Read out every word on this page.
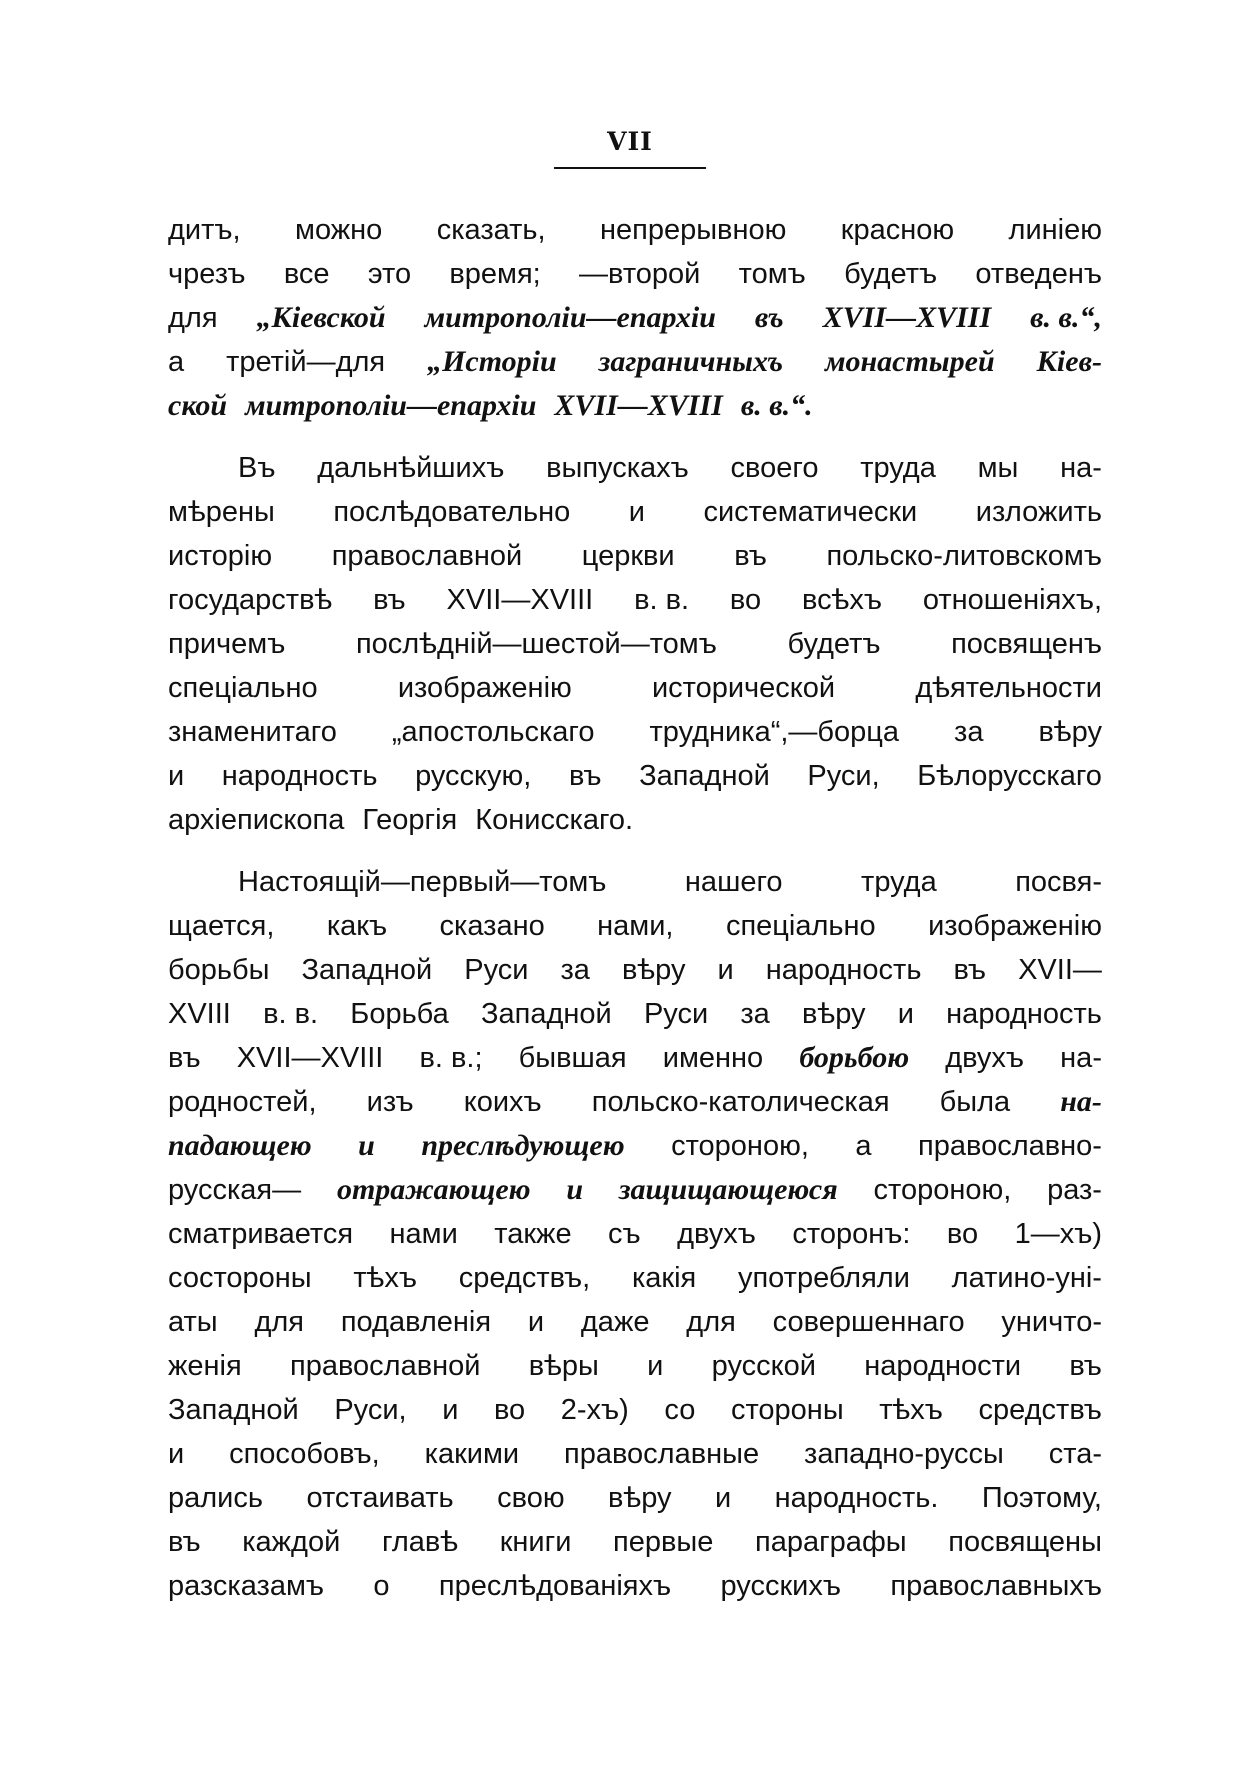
VII
дитъ, можно сказать, непрерывною красною линiею
чрезъ все это время; —второй томъ будетъ отведенъ
для „Кiевской митрополiи—епархiи въ XVII—XVIII в. в.“,
а третiй—для „Исторiи заграничныхъ монастырей Кiев-
ской митрополiи—епархiи XVII—XVIII в. в.“.
Въ дальнѣйшихъ выпускахъ своего труда мы на-
мѣрены послѣдовательно и систематически изложить
исторiю православной церкви въ польско-литовскомъ
государствѣ въ XVII—XVIII в. в. во всѣхъ отношенiяхъ,
причемъ послѣднiй—шестой—томъ будетъ посвященъ
спецiально	изображенiю	исторической	дѣятельности
знаменитаго „апостольскаго трудника“,—борца за вѣру
и народность русскую, въ Западной Руси, Бѣлорусскаго
архiепископа Георгiя Конисскаго.
Настоящiй—первый—томъ	нашего	труда	посвя-
щается, какъ сказано нами, спецiально изображенiю
борьбы Западной Руси за вѣру и народность въ XVII—
XVIII в. в. Борьба Западной Руси за вѣру и народность
въ XVII—XVIII в. в.; бывшая именно борьбою двухъ на-
родностей, изъ коихъ польско-католическая была на-
падающею и преслѣдующею стороною, а православно-
русская— отражающею и защищающеюся стороною, раз-
сматривается нами также съ двухъ сторонъ: во 1—хъ)
состороны тѣхъ средствъ, какiя употребляли латино-унi-
аты для подавленiя и даже для совершеннаго уничто-
женiя православной вѣры и русской народности въ
Западной Руси, и во 2-хъ) со стороны тѣхъ средствъ
и способовъ, какими православные западно-руссы ста-
рались отстаивать свою вѣру и народность. Поэтому,
въ каждой главѣ книги первые параграфы посвящены
разсказамъ о преслѣдованiяхъ русскихъ православныхъ
